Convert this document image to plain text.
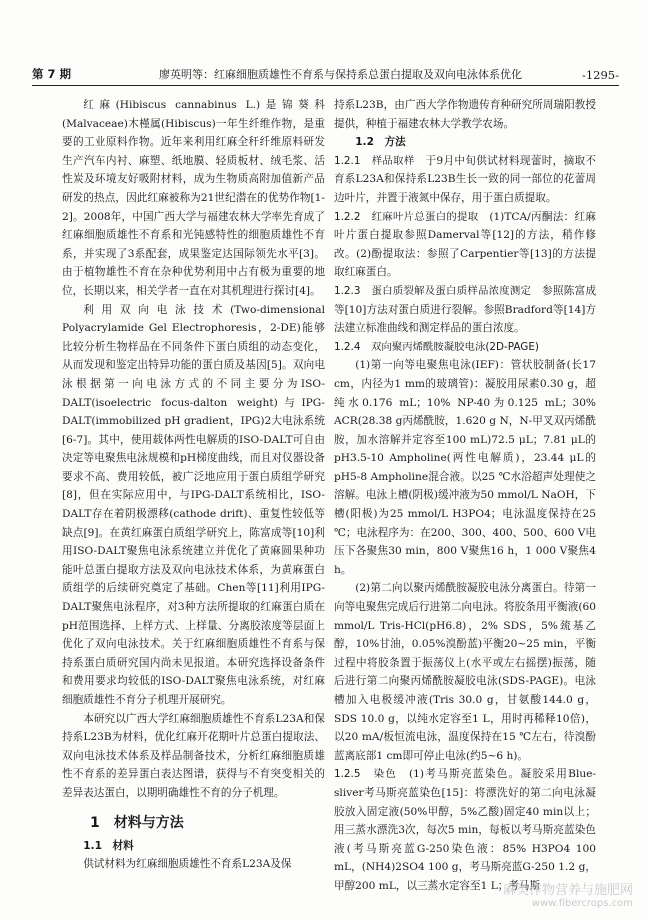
第 7 期	廖英明等：红麻细胞质雄性不育系与保持系总蛋白提取及双向电泳体系优化	-1295-

红麻(Hibiscus cannabinus L.)是锦葵科(Malvaceae)木槿属(Hibiscus)一年生纤维作物，是重要的工业原料作物。近年来利用红麻全秆纤维原料研发生产汽车内衬、麻塑、纸地膜、轻质板材、绒毛浆、活性炭及环境友好吸附材料，成为生物质高附加值新产品研发的热点，因此红麻被称为21世纪潜在的优势作物[1-2]。2008年，中国广西大学与福建农林大学率先育成了红麻细胞质雄性不育系和光钝感特性的细胞质雄性不育系，并实现了3系配套，成果鉴定达国际领先水平[3]。由于植物雄性不育在杂种优势利用中占有极为重要的地位，长期以来，相关学者一直在对其机理进行探讨[4]。

利用双向电泳技术(Two-dimensional Polyacrylamide Gel Electrophoresis，2-DE)能够比较分析生物样品在不同条件下蛋白质组的动态变化，从而发现和鉴定出特异功能的蛋白质及基因[5]。双向电泳根据第一向电泳方式的不同主要分为ISO-DALT(isoelectric focus-dalton weight)与IPG-DALT(immobilized pH gradient，IPG)2大电泳系统[6-7]。其中，使用载体两性电解质的ISO-DALT可自由决定等电聚焦电泳规模和pH梯度曲线，而且对仪器设备要求不高、费用较低，被广泛地应用于蛋白质组学研究[8]，但在实际应用中，与IPG-DALT系统相比，ISO-DALT存在着阴极漂移(cathode drift)、重复性较低等缺点[9]。在黄红麻蛋白质组学研究上，陈富成等[10]利用ISO-DALT聚焦电泳系统建立并优化了黄麻圆果种功能叶总蛋白提取方法及双向电泳技术体系，为黄麻蛋白质组学的后续研究奠定了基础。Chen等[11]利用IPG-DALT聚焦电泳程序，对3种方法所提取的红麻蛋白质在pH范围选择、上样方式、上样量、分离胶浓度等层面上优化了双向电泳技术。关于红麻细胞质雄性不育系与保持系蛋白质研究国内尚未见报道。本研究选择设备条件和费用要求均较低的ISO-DALT聚焦电泳系统，对红麻细胞质雄性不育分子机理开展研究。

本研究以广西大学红麻细胞质雄性不育系L23A和保持系L23B为材料，优化红麻开花期叶片总蛋白提取法、双向电泳技术体系及样品制备技术，分析红麻细胞质雄性不育系的差异蛋白表达图谱，获得与不育突变相关的差异表达蛋白，以期明确雄性不育的分子机理。

1　材料与方法

1.1　材料

供试材料为红麻细胞质雄性不育系L23A及保

持系L23B，由广西大学作物遗传育种研究所周瑞阳教授提供，种植于福建农林大学教学农场。

1.2　方法

1.2.1　 样品取样　 于9月中旬供试材料现蕾时，摘取不育系L23A和保持系L23B生长一致的同一部位的花蕾周边叶片，并置于液氮中保存，用于蛋白质提取。

1.2.2　 红麻叶片总蛋白的提取　 (1)TCA/丙酮法：红麻叶片蛋白提取参照Damerval等[12]的方法，稍作修改。(2)酚提取法：参照了Carpentier等[13]的方法提取红麻蛋白。

1.2.3　 蛋白质裂解及蛋白质样品浓度测定　 参照陈富成等[10]方法对蛋白质进行裂解。参照Bradford等[14]方法建立标准曲线和测定样品的蛋白浓度。

1.2.4　 双向聚丙烯酰胺凝胶电泳(2D-PAGE)

(1)第一向等电聚焦电泳(IEF)：管状胶制备(长17 cm，内径为1 mm的玻璃管)：凝胶用尿素0.30 g，超纯水0.176 mL；10% NP-40为0.125 mL；30% ACR(28.38 g丙烯酰胺，1.620 g N，N-甲叉双丙烯酰胺，加水溶解并定容至100 mL)72.5 μL；7.81 μL的pH3.5-10 Ampholine(两性电解质)，23.44 μL的pH5-8 Ampholine混合液。以25 ℃水浴超声处理使之溶解。电泳上槽(阴极)缓冲液为50 mmol/L NaOH，下槽(阳极)为25 mmol/L H3PO4；电泳温度保持在25 ℃；电泳程序为：在200、300、400、500、600 V电压下各聚焦30 min，800 V聚焦16 h，1 000 V聚焦4 h。

(2)第二向以聚丙烯酰胺凝胶电泳分离蛋白。待第一向等电聚焦完成后行进第二向电泳。将胶条用平衡液(60 mmol/L Tris-HCl(pH6.8)，2% SDS，5%巯基乙醇，10%甘油，0.05%溴酚蓝)平衡20~25 min，平衡过程中将胶条置于振荡仪上(水平或左右摇摆)振荡，随后进行第二向聚丙烯酰胺凝胶电泳(SDS-PAGE)。电泳槽加入电极缓冲液(Tris 30.0 g，甘氨酸144.0 g，SDS 10.0 g，以纯水定容至1 L，用时再稀释10倍)，以20 mA/板恒流电泳，温度保持在15 ℃左右，待溴酚蓝离底部1 cm即可停止电泳(约5~6 h)。

1.2.5　 染色　 (1)考马斯亮蓝染色。凝胶采用Blue-sliver考马斯亮蓝染色[15]：将漂洗好的第二向电泳凝胶放入固定液(50%甲醇，5%乙酸)固定40 min以上；用三蒸水漂洗3次，每次5 min，每板以考马斯亮蓝染色液(考马斯亮蓝G-250染色液：85% H3PO4 100 mL，(NH4)2SO4 100 g，考马斯亮蓝G-250 1.2 g，甲醇200 mL，以三蒸水定容至1 L；考马斯

麻类作物营养与施肥网
www.fibercrops.com
